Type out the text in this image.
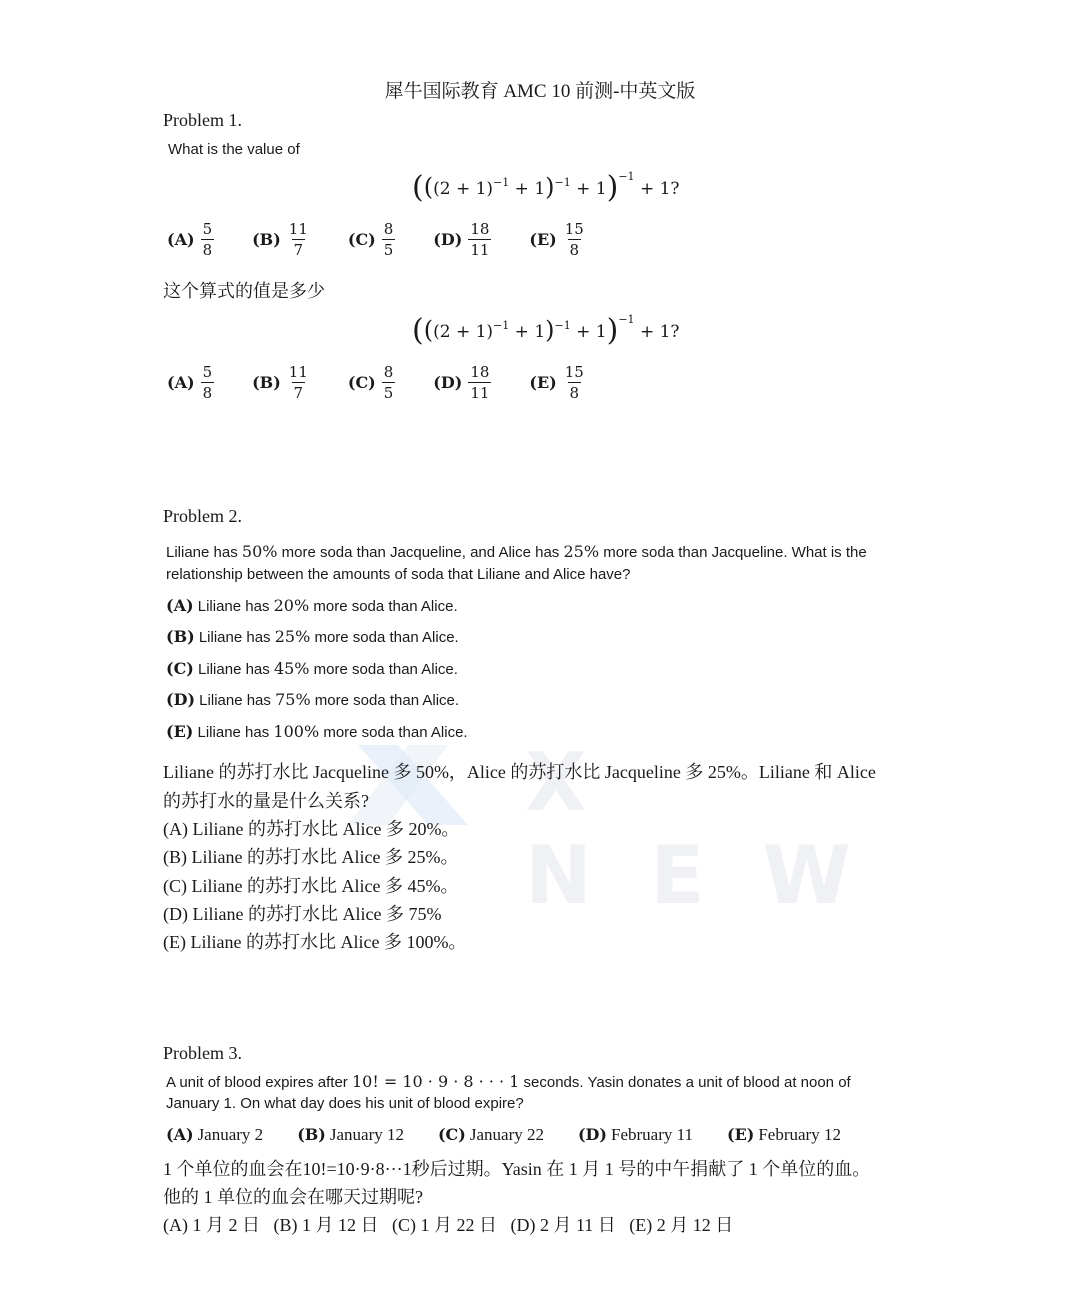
犀牛国际教育 AMC 10 前测-中英文版
Problem 1.
What is the value of
$(((2 + 1)^{-1} + 1)^{-1} + 1)^{-1} + 1$?
$(A) \frac{5}{8} (B) \frac{11}{7} (C) \frac{8}{5} (D) \frac{18}{11} (E) \frac{15}{8}$
这个算式的值是多少
$(((2 + 1)^{-1} + 1)^{-1} + 1)^{-1} + 1$?
$(A) \frac{5}{8} (B) \frac{11}{7} (C) \frac{8}{5} (D) \frac{18}{11} (E) \frac{15}{8}$
X NEW
Problem 2.
Liliane has 50% more soda than Jacqueline, and Alice has 25% more soda than Jacqueline. What is the
relationship between the amounts of soda that Liliane and Alice have?
(A) Liliane has 20% more soda than Alice.
(B) Liliane has 25% more soda than Alice.
(C) Liliane has 45% more soda than Alice.
(D) Liliane has 75% more soda than Alice.
(E) Liliane has 100% more soda than Alice.
Liliane 的苏打水比 Jacqueline 多 50%，Alice 的苏打水比 Jacqueline 多 25%。Liliane 和 Alice
的苏打水的量是什么关系?
(A) Liliane 的苏打水比 Alice 多 20%。
(B) Liliane 的苏打水比 Alice 多 25%。
(C) Liliane 的苏打水比 Alice 多 45%。
(D) Liliane 的苏打水比 Alice 多 75%
(E) Liliane 的苏打水比 Alice 多 100%。
Problem 3.
A unit of blood expires after 10! = 10 · 9 · 8 · · · 1 seconds. Yasin donates a unit of blood at noon of
January 1. On what day does his unit of blood expire?
(A) January 2 (B) January 12 (C) January 22 (D) February 11 (E) February 12
1 个单位的血会在10!=10·9·8···1秒后过期。Yasin 在 1 月 1 号的中午捐献了 1 个单位的血。
他的 1 单位的血会在哪天过期呢?
(A) 1 月 2 日   (B) 1 月 12 日   (C) 1 月 22 日   (D) 2 月 11 日   (E) 2 月 12 日
